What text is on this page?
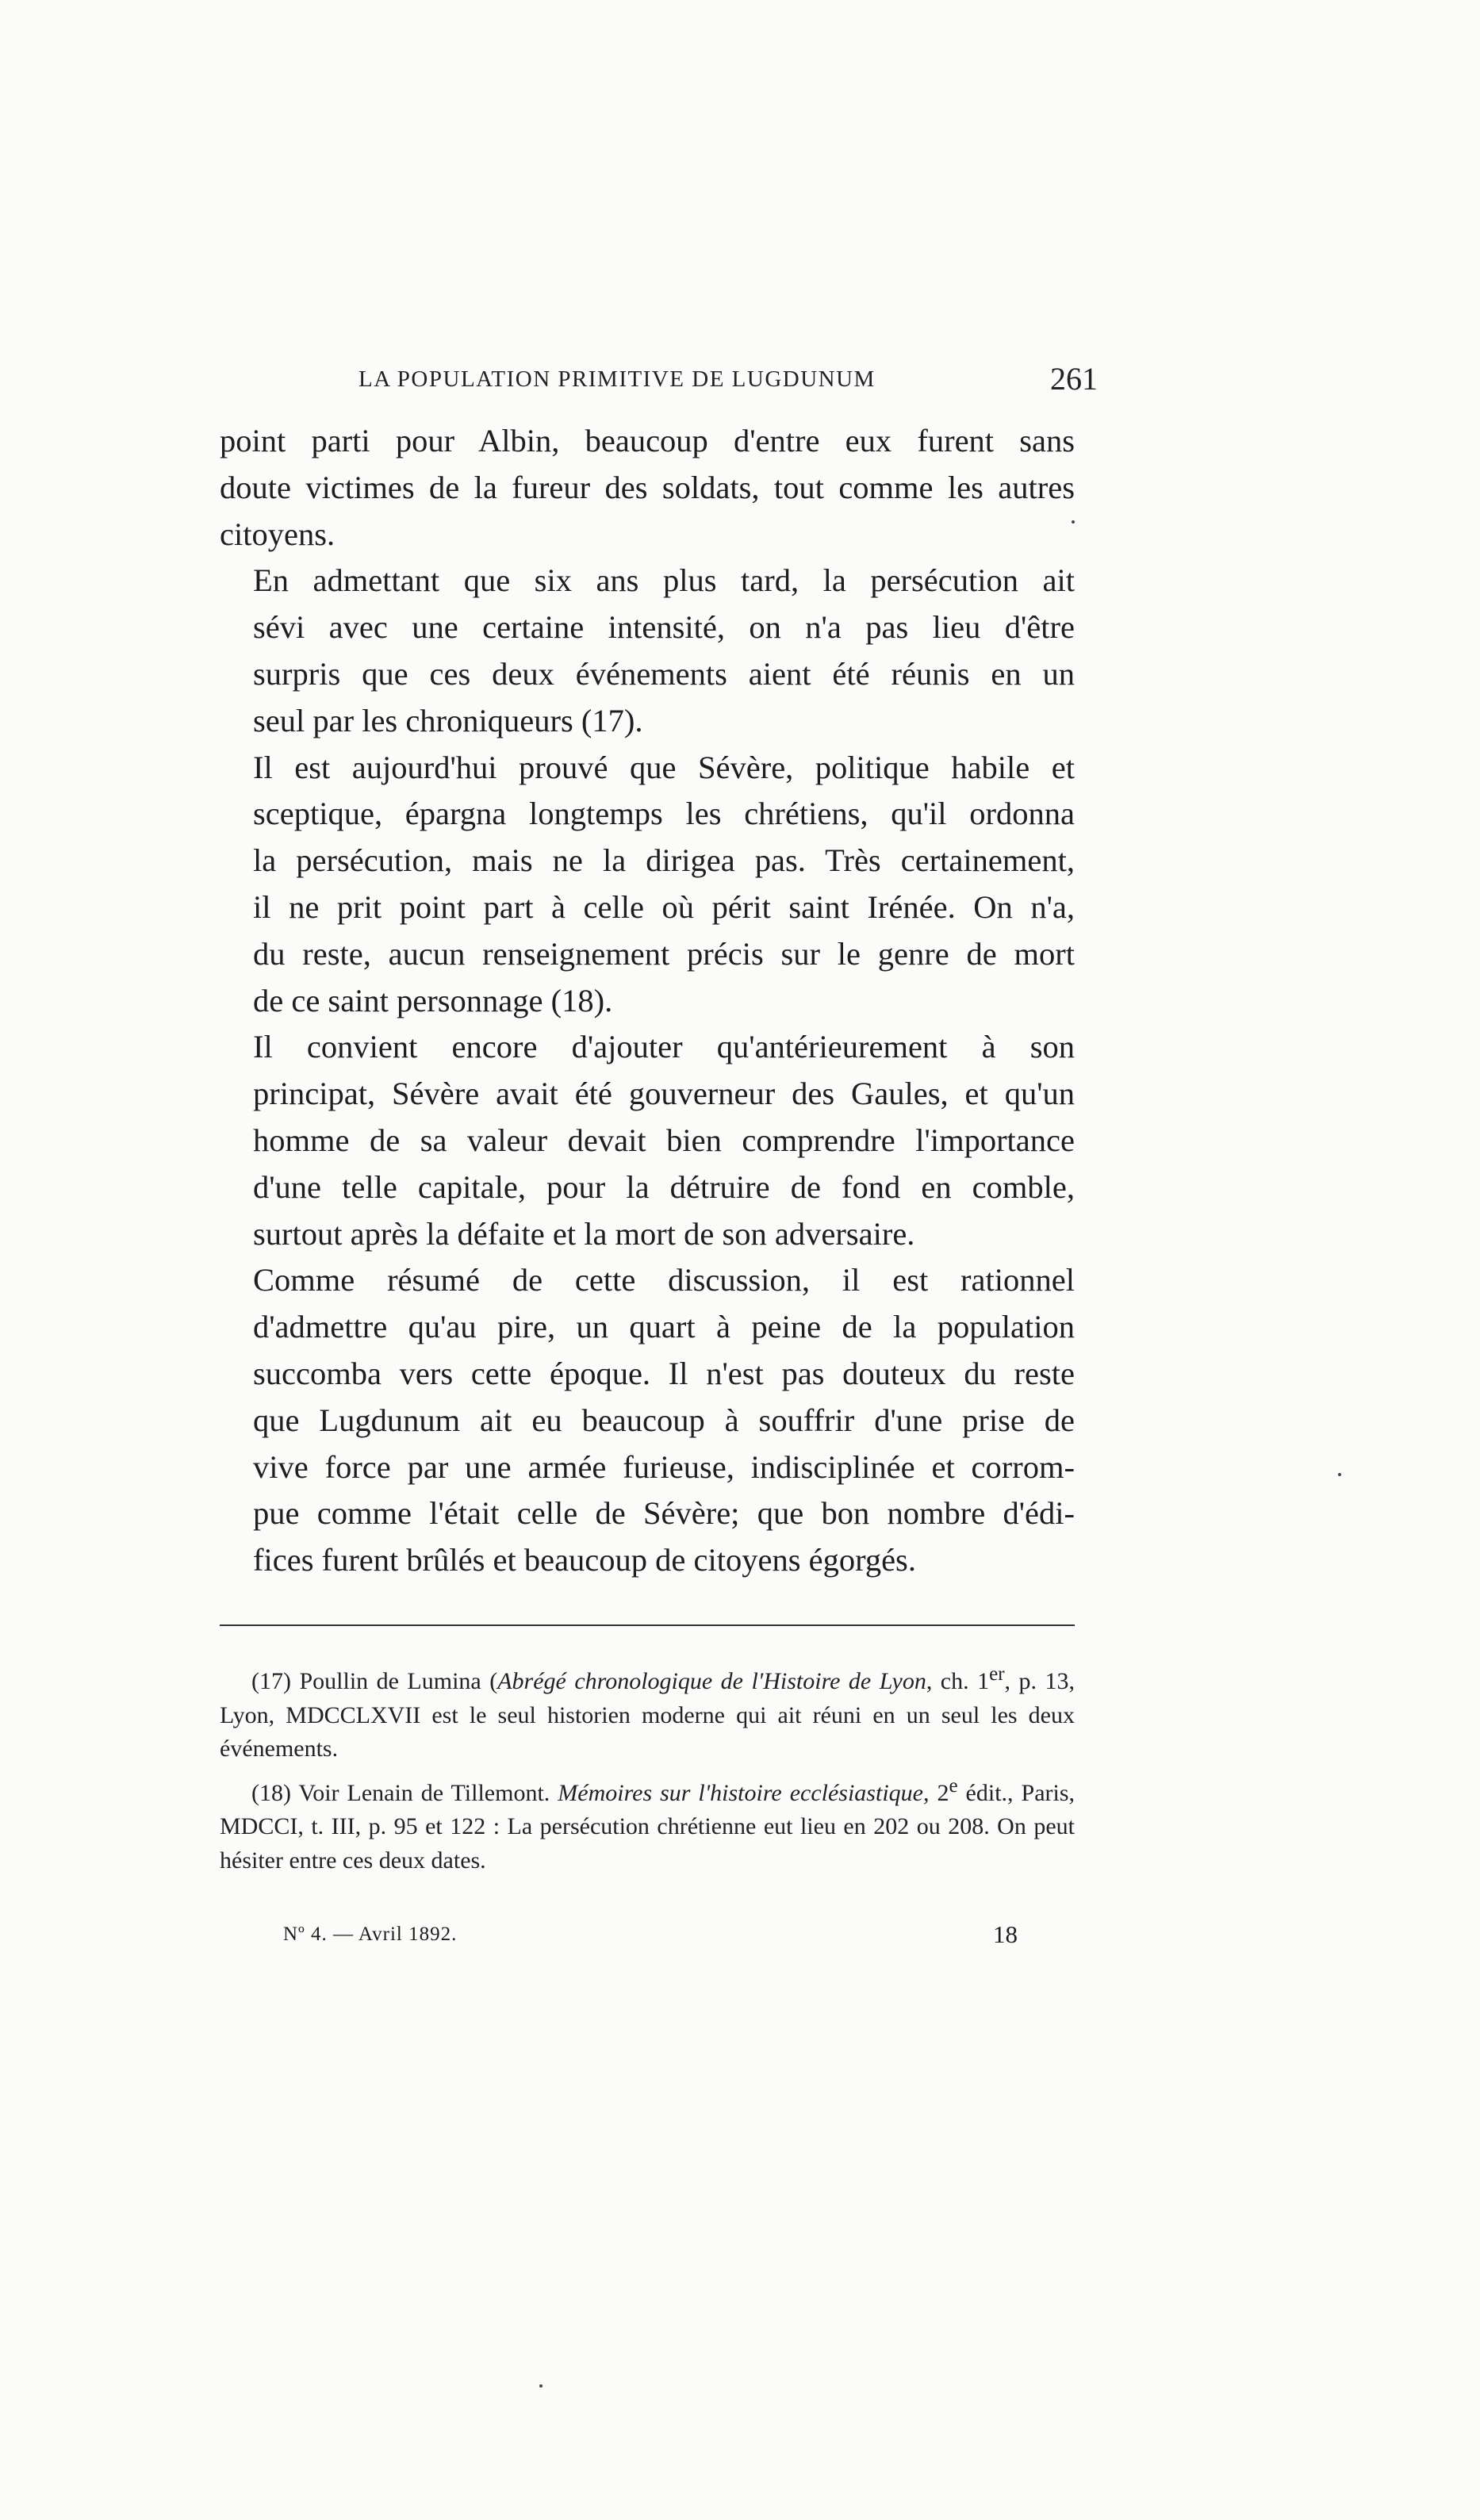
LA POPULATION PRIMITIVE DE LUGDUNUM	261

point parti pour Albin, beaucoup d'entre eux furent sans
doute victimes de la fureur des soldats, tout comme les autres
citoyens.

En admettant que six ans plus tard, la persécution ait
sévi avec une certaine intensité, on n'a pas lieu d'être
surpris que ces deux événements aient été réunis en un
seul par les chroniqueurs (17).

Il est aujourd'hui prouvé que Sévère, politique habile et
sceptique, épargna longtemps les chrétiens, qu'il ordonna
la persécution, mais ne la dirigea pas. Très certainement,
il ne prit point part à celle où périt saint Irénée. On n'a,
du reste, aucun renseignement précis sur le genre de mort
de ce saint personnage (18).

Il convient encore d'ajouter qu'antérieurement à son
principat, Sévère avait été gouverneur des Gaules, et qu'un
homme de sa valeur devait bien comprendre l'importance
d'une telle capitale, pour la détruire de fond en comble,
surtout après la défaite et la mort de son adversaire.

Comme résumé de cette discussion, il est rationnel
d'admettre qu'au pire, un quart à peine de la population
succomba vers cette époque. Il n'est pas douteux du reste
que Lugdunum ait eu beaucoup à souffrir d'une prise de
vive force par une armée furieuse, indisciplinée et corrom-
pue comme l'était celle de Sévère; que bon nombre d'édi-
fices furent brûlés et beaucoup de citoyens égorgés.

(17) Poullin de Lumina (Abrégé chronologique de l'Histoire de Lyon, ch. 1er, p. 13, Lyon, MDCCLXVII est le seul historien moderne qui ait réuni en un seul les deux événements.

(18) Voir Lenain de Tillemont. Mémoires sur l'histoire ecclésiastique, 2e édit., Paris, MDCCI, t. III, p. 95 et 122 : La persécution chrétienne eut lieu en 202 ou 208. On peut hésiter entre ces deux dates.

Nº 4. — Avril 1892.	18
